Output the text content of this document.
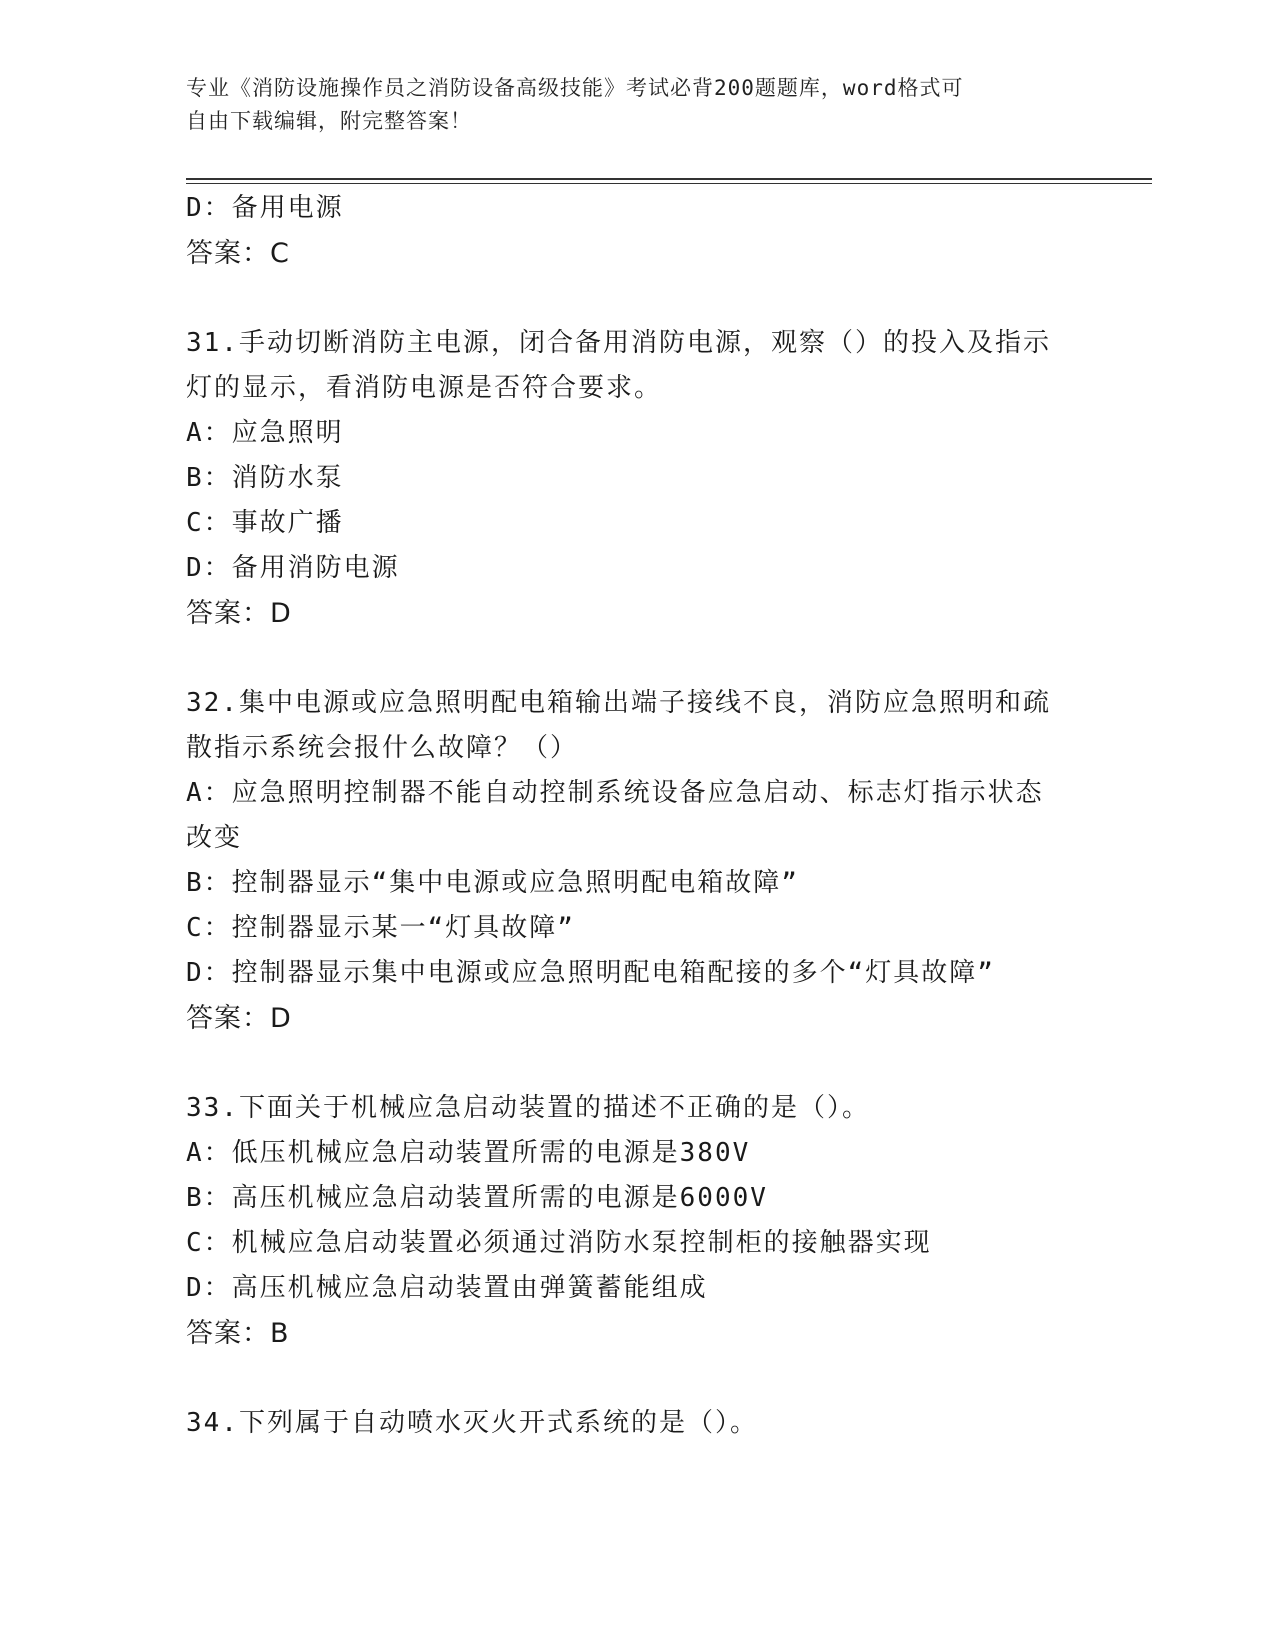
专业《消防设施操作员之消防设备高级技能》考试必背200题题库，word格式可
自由下载编辑，附完整答案！
D：备用电源
答案：C
31.手动切断消防主电源，闭合备用消防电源，观察（）的投入及指示
灯的显示，看消防电源是否符合要求。
A：应急照明
B：消防水泵
C：事故广播
D：备用消防电源
答案：D
32.集中电源或应急照明配电箱输出端子接线不良，消防应急照明和疏
散指示系统会报什么故障？（）
A：应急照明控制器不能自动控制系统设备应急启动、标志灯指示状态
改变
B：控制器显示“集中电源或应急照明配电箱故障”
C：控制器显示某一“灯具故障”
D：控制器显示集中电源或应急照明配电箱配接的多个“灯具故障”
答案：D
33.下面关于机械应急启动装置的描述不正确的是（）。
A：低压机械应急启动装置所需的电源是380V
B：高压机械应急启动装置所需的电源是6000V
C：机械应急启动装置必须通过消防水泵控制柜的接触器实现
D：高压机械应急启动装置由弹簧蓄能组成
答案：B
34.下列属于自动喷水灭火开式系统的是（）。
